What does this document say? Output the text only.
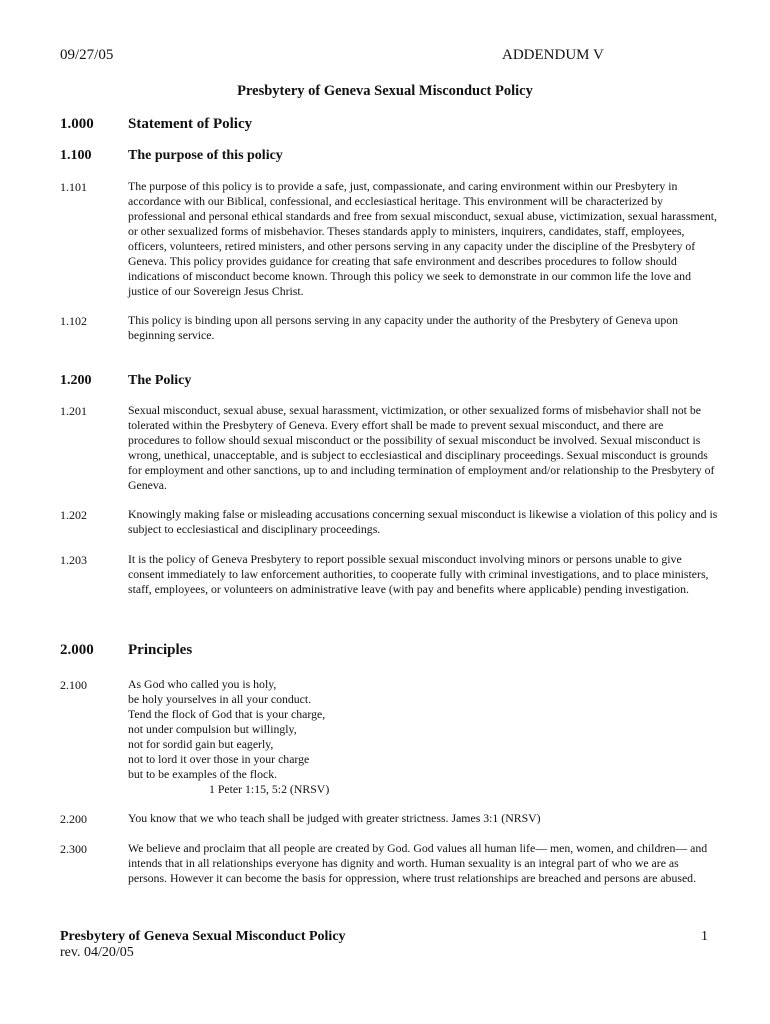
09/27/05	ADDENDUM V
Presbytery of Geneva Sexual Misconduct Policy
1.000 Statement of Policy
1.100	The purpose of this policy
1.101	The purpose of this policy is to provide a safe, just, compassionate, and caring environment within our Presbytery in accordance with our Biblical, confessional, and ecclesiastical heritage. This environment will be characterized by professional and personal ethical standards and free from sexual misconduct, sexual abuse, victimization, sexual harassment, or other sexualized forms of misbehavior. Theses standards apply to ministers, inquirers, candidates, staff, employees, officers, volunteers, retired ministers, and other persons serving in any capacity under the discipline of the Presbytery of Geneva. This policy provides guidance for creating that safe environment and describes procedures to follow should indications of misconduct become known. Through this policy we seek to demonstrate in our common life the love and justice of our Sovereign Jesus Christ.
1.102	This policy is binding upon all persons serving in any capacity under the authority of the Presbytery of Geneva upon beginning service.
1.200	The Policy
1.201	Sexual misconduct, sexual abuse, sexual harassment, victimization, or other sexualized forms of misbehavior shall not be tolerated within the Presbytery of Geneva. Every effort shall be made to prevent sexual misconduct, and there are procedures to follow should sexual misconduct or the possibility of sexual misconduct be involved. Sexual misconduct is wrong, unethical, unacceptable, and is subject to ecclesiastical and disciplinary proceedings. Sexual misconduct is grounds for employment and other sanctions, up to and including termination of employment and/or relationship to the Presbytery of Geneva.
1.202	Knowingly making false or misleading accusations concerning sexual misconduct is likewise a violation of this policy and is subject to ecclesiastical and disciplinary proceedings.
1.203	It is the policy of Geneva Presbytery to report possible sexual misconduct involving minors or persons unable to give consent immediately to law enforcement authorities, to cooperate fully with criminal investigations, and to place ministers, staff, employees, or volunteers on administrative leave (with pay and benefits where applicable) pending investigation.
2.000 Principles
2.100	As God who called you is holy,
be holy yourselves in all your conduct.
Tend the flock of God that is your charge,
not under compulsion but willingly,
not for sordid gain but eagerly,
not to lord it over those in your charge
but to be examples of the flock.
1 Peter 1:15, 5:2 (NRSV)
2.200	You know that we who teach shall be judged with greater strictness. James 3:1 (NRSV)
2.300	We believe and proclaim that all people are created by God. God values all human life— men, women, and children— and intends that in all relationships everyone has dignity and worth. Human sexuality is an integral part of who we are as persons. However it can become the basis for oppression, where trust relationships are breached and persons are abused.
Presbytery of Geneva Sexual Misconduct Policy
rev. 04/20/05
1
